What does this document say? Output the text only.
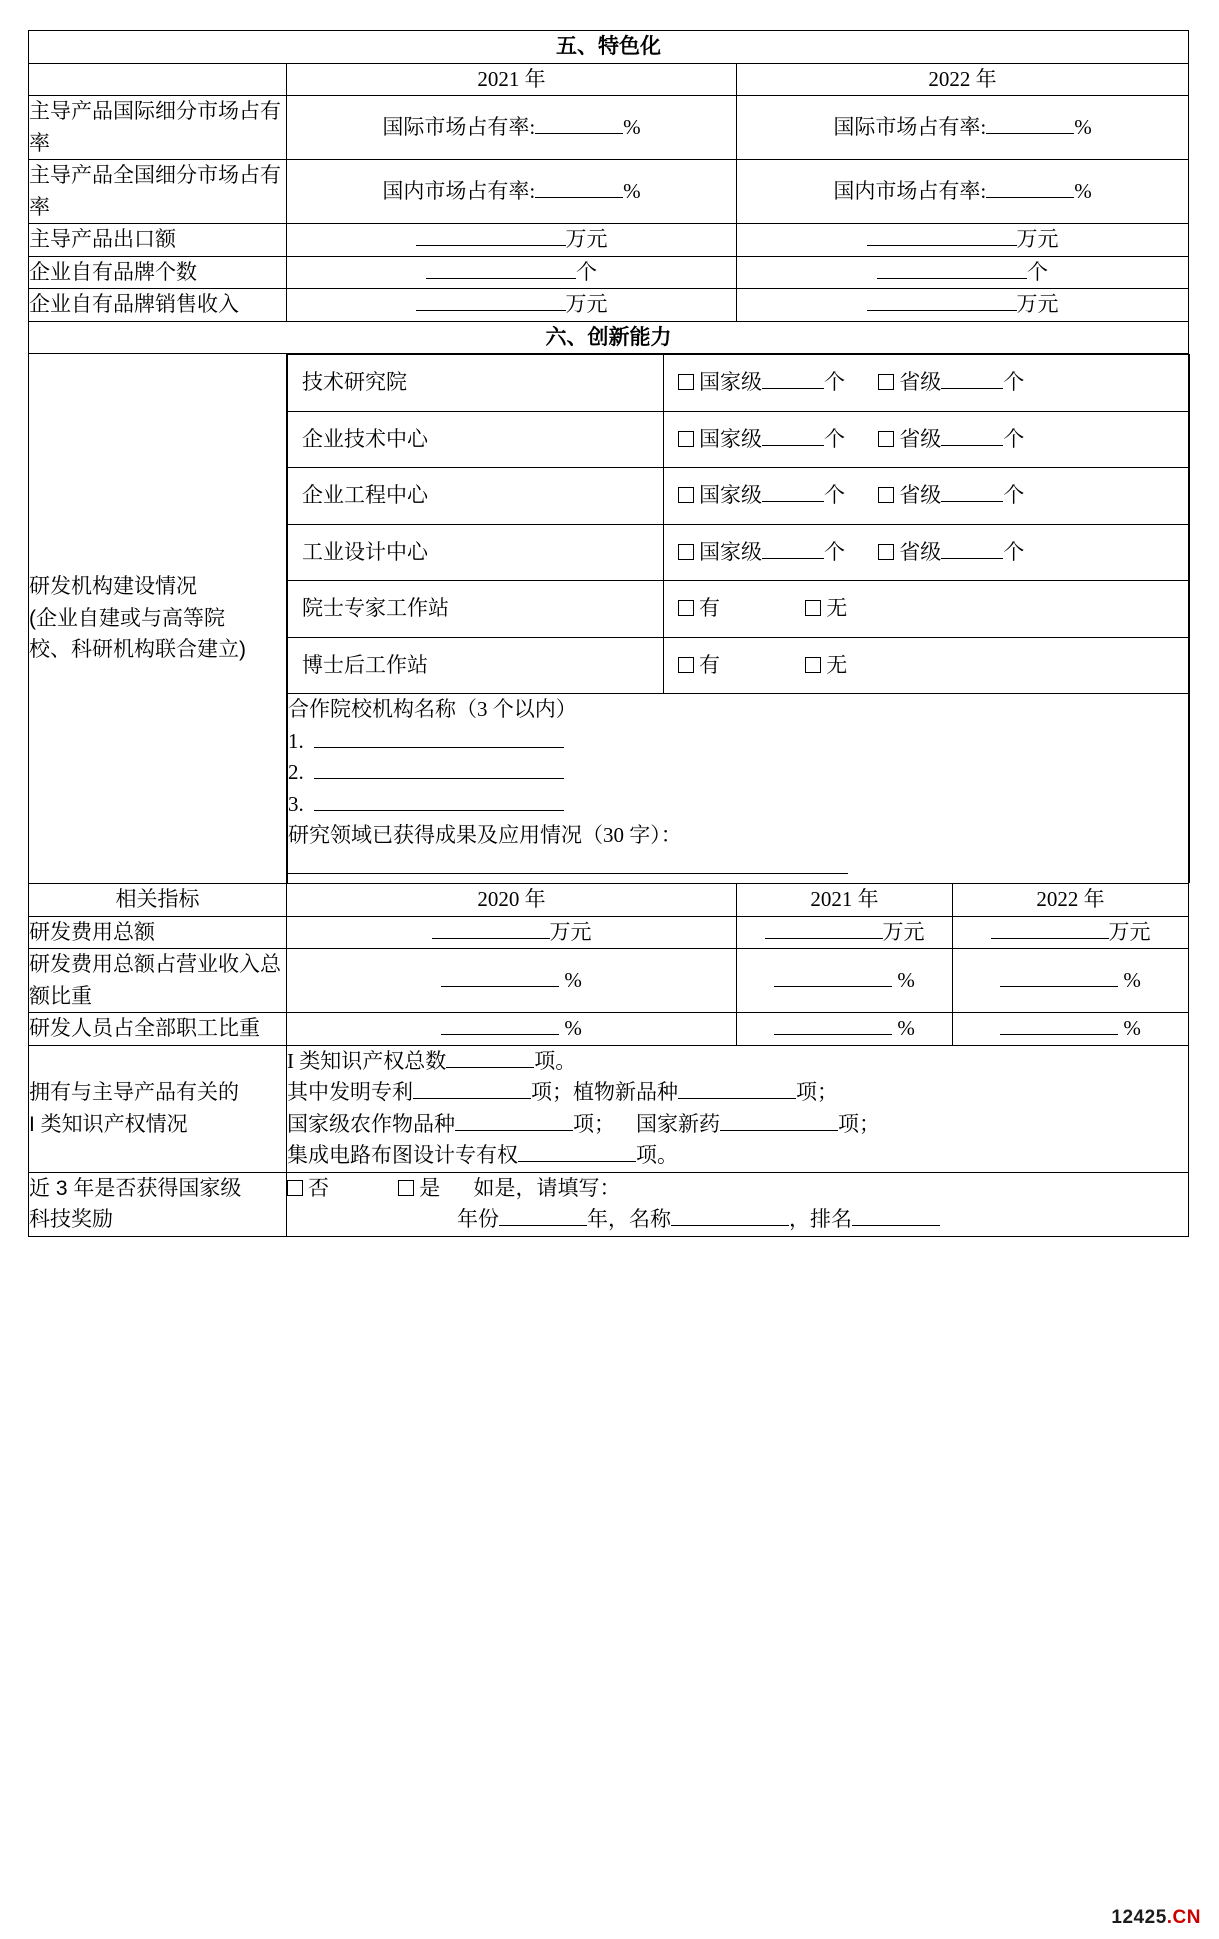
五、特色化
	2021 年	2022 年
主导产品国际细分市场占有率	国际市场占有率:	%	国际市场占有率:	%
主导产品全国细分市场占有率	国内市场占有率:	%	国内市场占有率:	%
主导产品出口额	万元	万元
企业自有品牌个数	个	个
企业自有品牌销售收入	万元	万元
六、创新能力

研发机构建设情况
(企业自建或与高等院
校、科研机构联合建立)

技术研究院	国家级	个	省级	个
企业技术中心	国家级	个	省级	个
企业工程中心	国家级	个	省级	个
工业设计中心	国家级	个	省级	个
院士专家工作站	有	无
博士后工作站	有	无

合作院校机构名称（3 个以内）
1.
2.
3.
研究领域已获得成果及应用情况（30 字）：

相关指标	2020 年	2021 年	2022 年
研发费用总额	万元	万元	万元
研发费用总额占营业收入总额比重	%	%	%
研发人员占全部职工比重	%	%	%

拥有与主导产品有关的
I 类知识产权情况

I 类知识产权总数	项。
其中发明专利	项；植物新品种	项；
国家级农作物品种	项； 国家新药	项；
集成电路布图设计专有权	项。

近 3 年是否获得国家级
科技奖励

否	是 如是，请填写：
年份	年，名称	，排名
12425.CN
